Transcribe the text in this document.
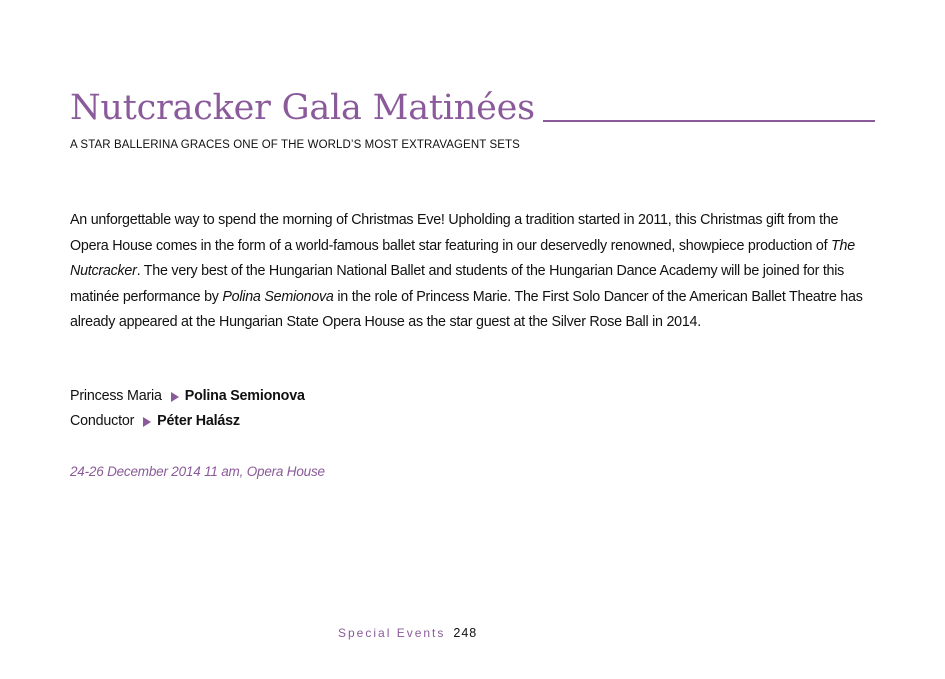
Nutcracker Gala Matinées
A STAR BALLERINA GRACES ONE OF THE WORLD’S MOST EXTRAVAGENT SETS
An unforgettable way to spend the morning of Christmas Eve! Upholding a tradition started in 2011, this Christmas gift from the Opera House comes in the form of a world-famous ballet star featuring in our deservedly renowned, showpiece production of The Nutcracker. The very best of the Hungarian National Ballet and students of the Hungarian Dance Academy will be joined for this matinée performance by Polina Semionova in the role of Princess Marie. The First Solo Dancer of the American Ballet Theatre has already appeared at the Hungarian State Opera House as the star guest at the Silver Rose Ball in 2014.
Princess Maria Polina Semionova
Conductor Péter Halász
24-26 December 2014 11 am, Opera House
Special Events 248
